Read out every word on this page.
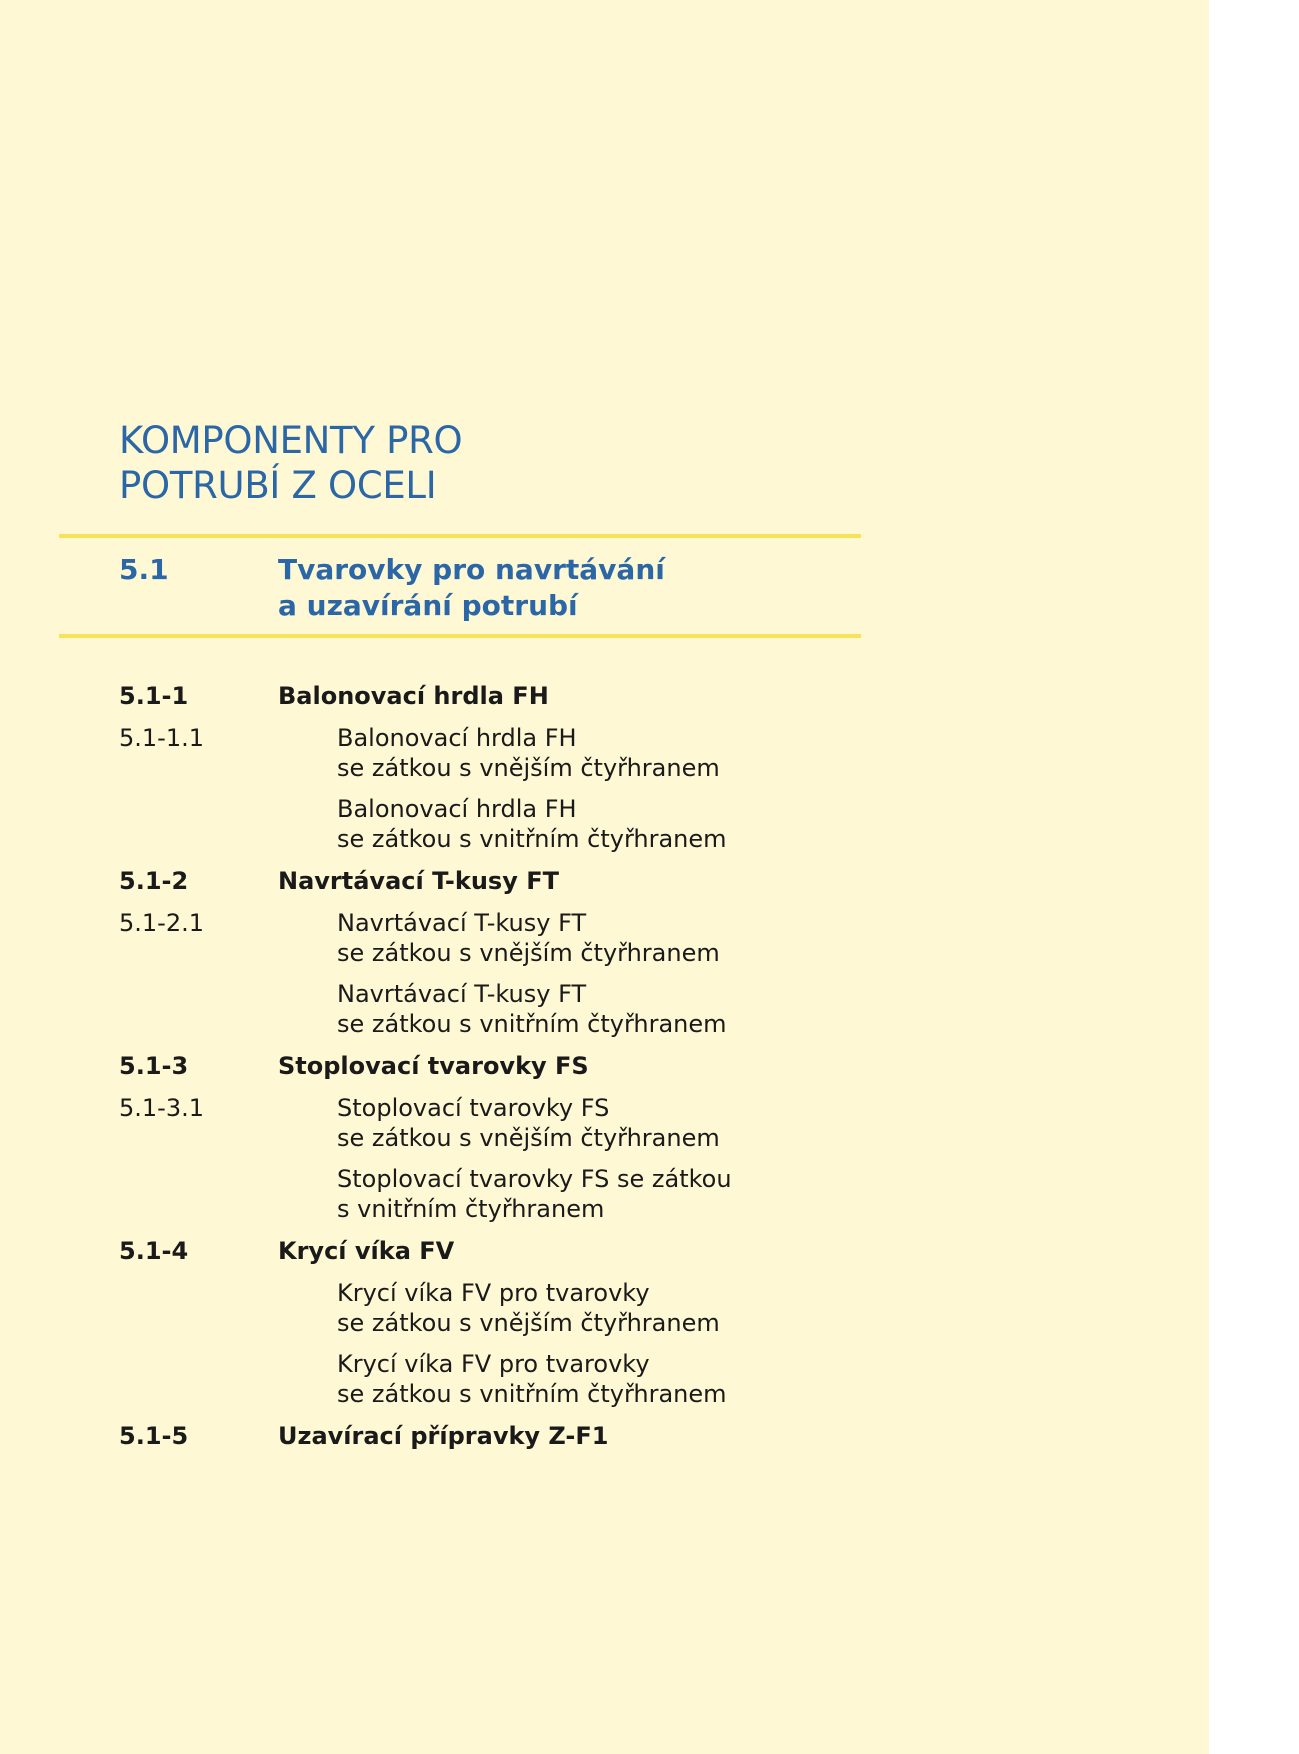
KOMPONENTY PRO
POTRUBÍ Z OCELI
5.1	Tvarovky pro navrtávání
a uzavírání potrubí
5.1-1	Balonovací hrdla FH
5.1-1.1	Balonovací hrdla FH
se zátkou s vnějším čtyřhranem
Balonovací hrdla FH
se zátkou s vnitřním čtyřhranem
5.1-2	Navrtávací T-kusy FT
5.1-2.1	Navrtávací T-kusy FT
se zátkou s vnějším čtyřhranem
Navrtávací T-kusy FT
se zátkou s vnitřním čtyřhranem
5.1-3	Stoplovací tvarovky FS
5.1-3.1	Stoplovací tvarovky FS
se zátkou s vnějším čtyřhranem
Stoplovací tvarovky FS se zátkou
s vnitřním čtyřhranem
5.1-4	Krycí víka FV
Krycí víka FV pro tvarovky
se zátkou s vnějším čtyřhranem
Krycí víka FV pro tvarovky
se zátkou s vnitřním čtyřhranem
5.1-5	Uzavírací přípravky Z-F1
